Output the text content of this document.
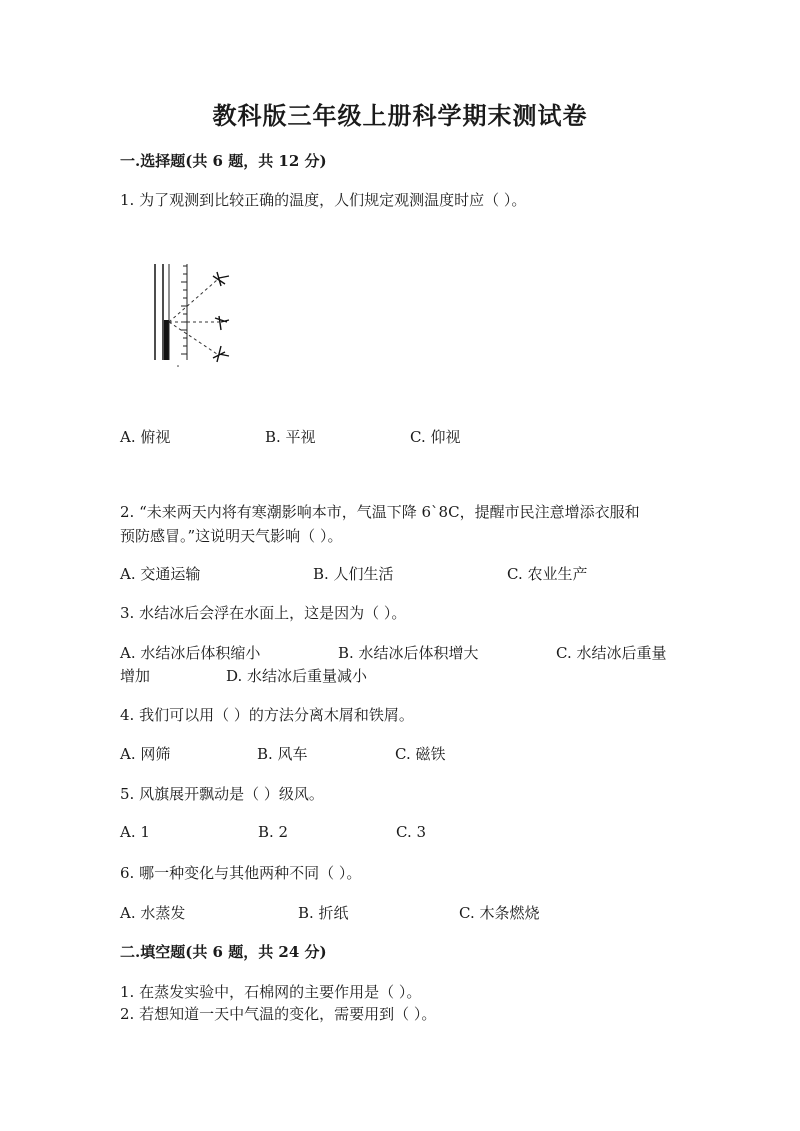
教科版三年级上册科学期末测试卷
一.选择题(共 6 题，共 12 分)
1. 为了观测到比较正确的温度，人们规定观测温度时应（ ）。
A. 俯视	B. 平视	C. 仰视
2. “未来两天内将有寒潮影响本市，气温下降 6`8C，提醒市民注意增添衣服和
预防感冒。”这说明天气影响（ ）。
A. 交通运输	B. 人们生活	C. 农业生产
3. 水结冰后会浮在水面上，这是因为（ ）。
A. 水结冰后体积缩小	B. 水结冰后体积增大	C. 水结冰后重量
增加	D. 水结冰后重量减小
4. 我们可以用（ ）的方法分离木屑和铁屑。
A. 网筛	B. 风车	C. 磁铁
5. 风旗展开飘动是（ ）级风。
A. 1	B. 2	C. 3
6. 哪一种变化与其他两种不同（ ）。
A. 水蒸发	B. 折纸	C. 木条燃烧
二.填空题(共 6 题，共 24 分)
1. 在蒸发实验中，石棉网的主要作用是（ ）。
2. 若想知道一天中气温的变化，需要用到（ ）。
